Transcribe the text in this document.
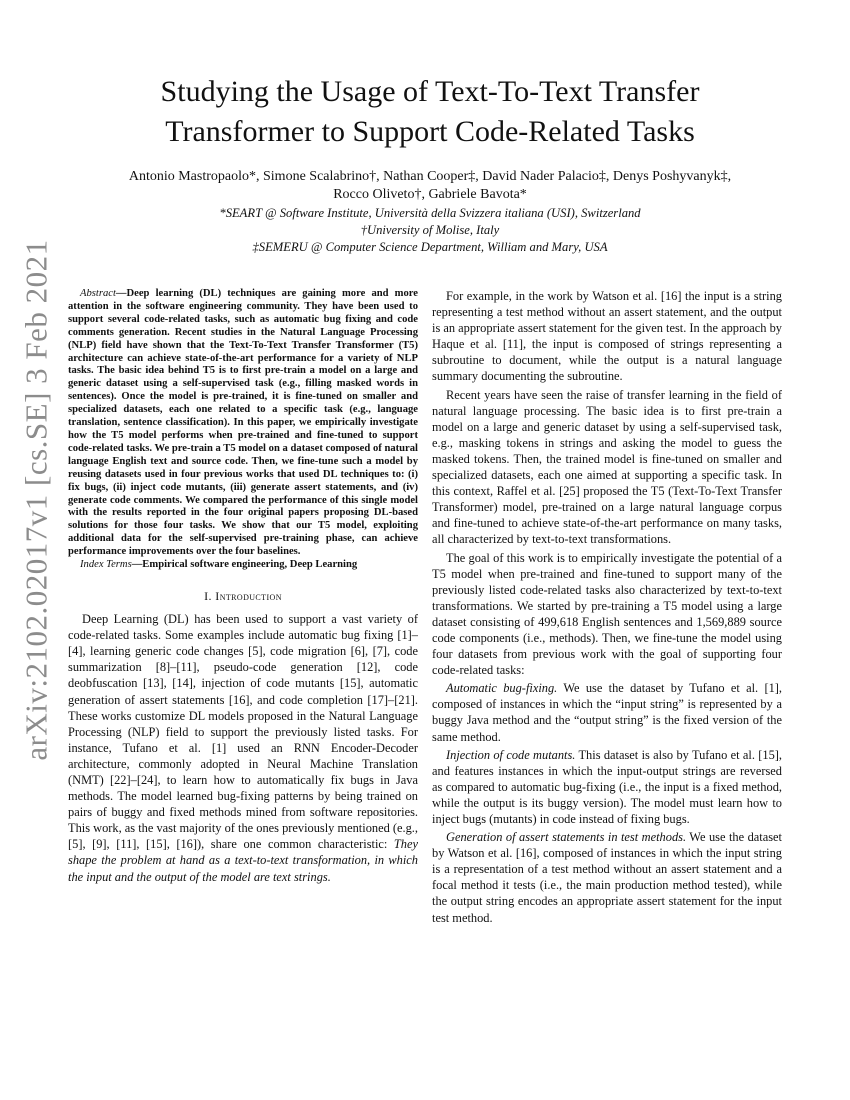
arXiv:2102.02017v1 [cs.SE] 3 Feb 2021
Studying the Usage of Text-To-Text Transfer Transformer to Support Code-Related Tasks
Antonio Mastropaolo*, Simone Scalabrino†, Nathan Cooper‡, David Nader Palacio‡, Denys Poshyvanyk‡,
Rocco Oliveto†, Gabriele Bavota*
*SEART @ Software Institute, Università della Svizzera italiana (USI), Switzerland
†University of Molise, Italy
‡SEMERU @ Computer Science Department, William and Mary, USA

Abstract—Deep learning (DL) techniques are gaining more and more attention in the software engineering community. They have been used to support several code-related tasks, such as automatic bug fixing and code comments generation. Recent studies in the Natural Language Processing (NLP) field have shown that the Text-To-Text Transfer Transformer (T5) architecture can achieve state-of-the-art performance for a variety of NLP tasks. The basic idea behind T5 is to first pre-train a model on a large and generic dataset using a self-supervised task (e.g., filling masked words in sentences). Once the model is pre-trained, it is fine-tuned on smaller and specialized datasets, each one related to a specific task (e.g., language translation, sentence classification). In this paper, we empirically investigate how the T5 model performs when pre-trained and fine-tuned to support code-related tasks. We pre-train a T5 model on a dataset composed of natural language English text and source code. Then, we fine-tune such a model by reusing datasets used in four previous works that used DL techniques to: (i) fix bugs, (ii) inject code mutants, (iii) generate assert statements, and (iv) generate code comments. We compared the performance of this single model with the results reported in the four original papers proposing DL-based solutions for those four tasks. We show that our T5 model, exploiting additional data for the self-supervised pre-training phase, can achieve performance improvements over the four baselines.

Index Terms—Empirical software engineering, Deep Learning

I. Introduction

Deep Learning (DL) has been used to support a vast variety of code-related tasks. Some examples include automatic bug fixing [1]–[4], learning generic code changes [5], code migration [6], [7], code summarization [8]–[11], pseudo-code generation [12], code deobfuscation [13], [14], injection of code mutants [15], automatic generation of assert statements [16], and code completion [17]–[21]. These works customize DL models proposed in the Natural Language Processing (NLP) field to support the previously listed tasks. For instance, Tufano et al. [1] used an RNN Encoder-Decoder architecture, commonly adopted in Neural Machine Translation (NMT) [22]–[24], to learn how to automatically fix bugs in Java methods. The model learned bug-fixing patterns by being trained on pairs of buggy and fixed methods mined from software repositories. This work, as the vast majority of the ones previously mentioned (e.g., [5], [9], [11], [15], [16]), share one common characteristic: They shape the problem at hand as a text-to-text transformation, in which the input and the output of the model are text strings.

For example, in the work by Watson et al. [16] the input is a string representing a test method without an assert statement, and the output is an appropriate assert statement for the given test. In the approach by Haque et al. [11], the input is composed of strings representing a subroutine to document, while the output is a natural language summary documenting the subroutine.

Recent years have seen the raise of transfer learning in the field of natural language processing. The basic idea is to first pre-train a model on a large and generic dataset by using a self-supervised task, e.g., masking tokens in strings and asking the model to guess the masked tokens. Then, the trained model is fine-tuned on smaller and specialized datasets, each one aimed at supporting a specific task. In this context, Raffel et al. [25] proposed the T5 (Text-To-Text Transfer Transformer) model, pre-trained on a large natural language corpus and fine-tuned to achieve state-of-the-art performance on many tasks, all characterized by text-to-text transformations.

The goal of this work is to empirically investigate the potential of a T5 model when pre-trained and fine-tuned to support many of the previously listed code-related tasks also characterized by text-to-text transformations. We started by pre-training a T5 model using a large dataset consisting of 499,618 English sentences and 1,569,889 source code components (i.e., methods). Then, we fine-tune the model using four datasets from previous work with the goal of supporting four code-related tasks:

Automatic bug-fixing. We use the dataset by Tufano et al. [1], composed of instances in which the “input string” is represented by a buggy Java method and the “output string” is the fixed version of the same method.

Injection of code mutants. This dataset is also by Tufano et al. [15], and features instances in which the input-output strings are reversed as compared to automatic bug-fixing (i.e., the input is a fixed method, while the output is its buggy version). The model must learn how to inject bugs (mutants) in code instead of fixing bugs.

Generation of assert statements in test methods. We use the dataset by Watson et al. [16], composed of instances in which the input string is a representation of a test method without an assert statement and a focal method it tests (i.e., the main production method tested), while the output string encodes an appropriate assert statement for the input test method.
